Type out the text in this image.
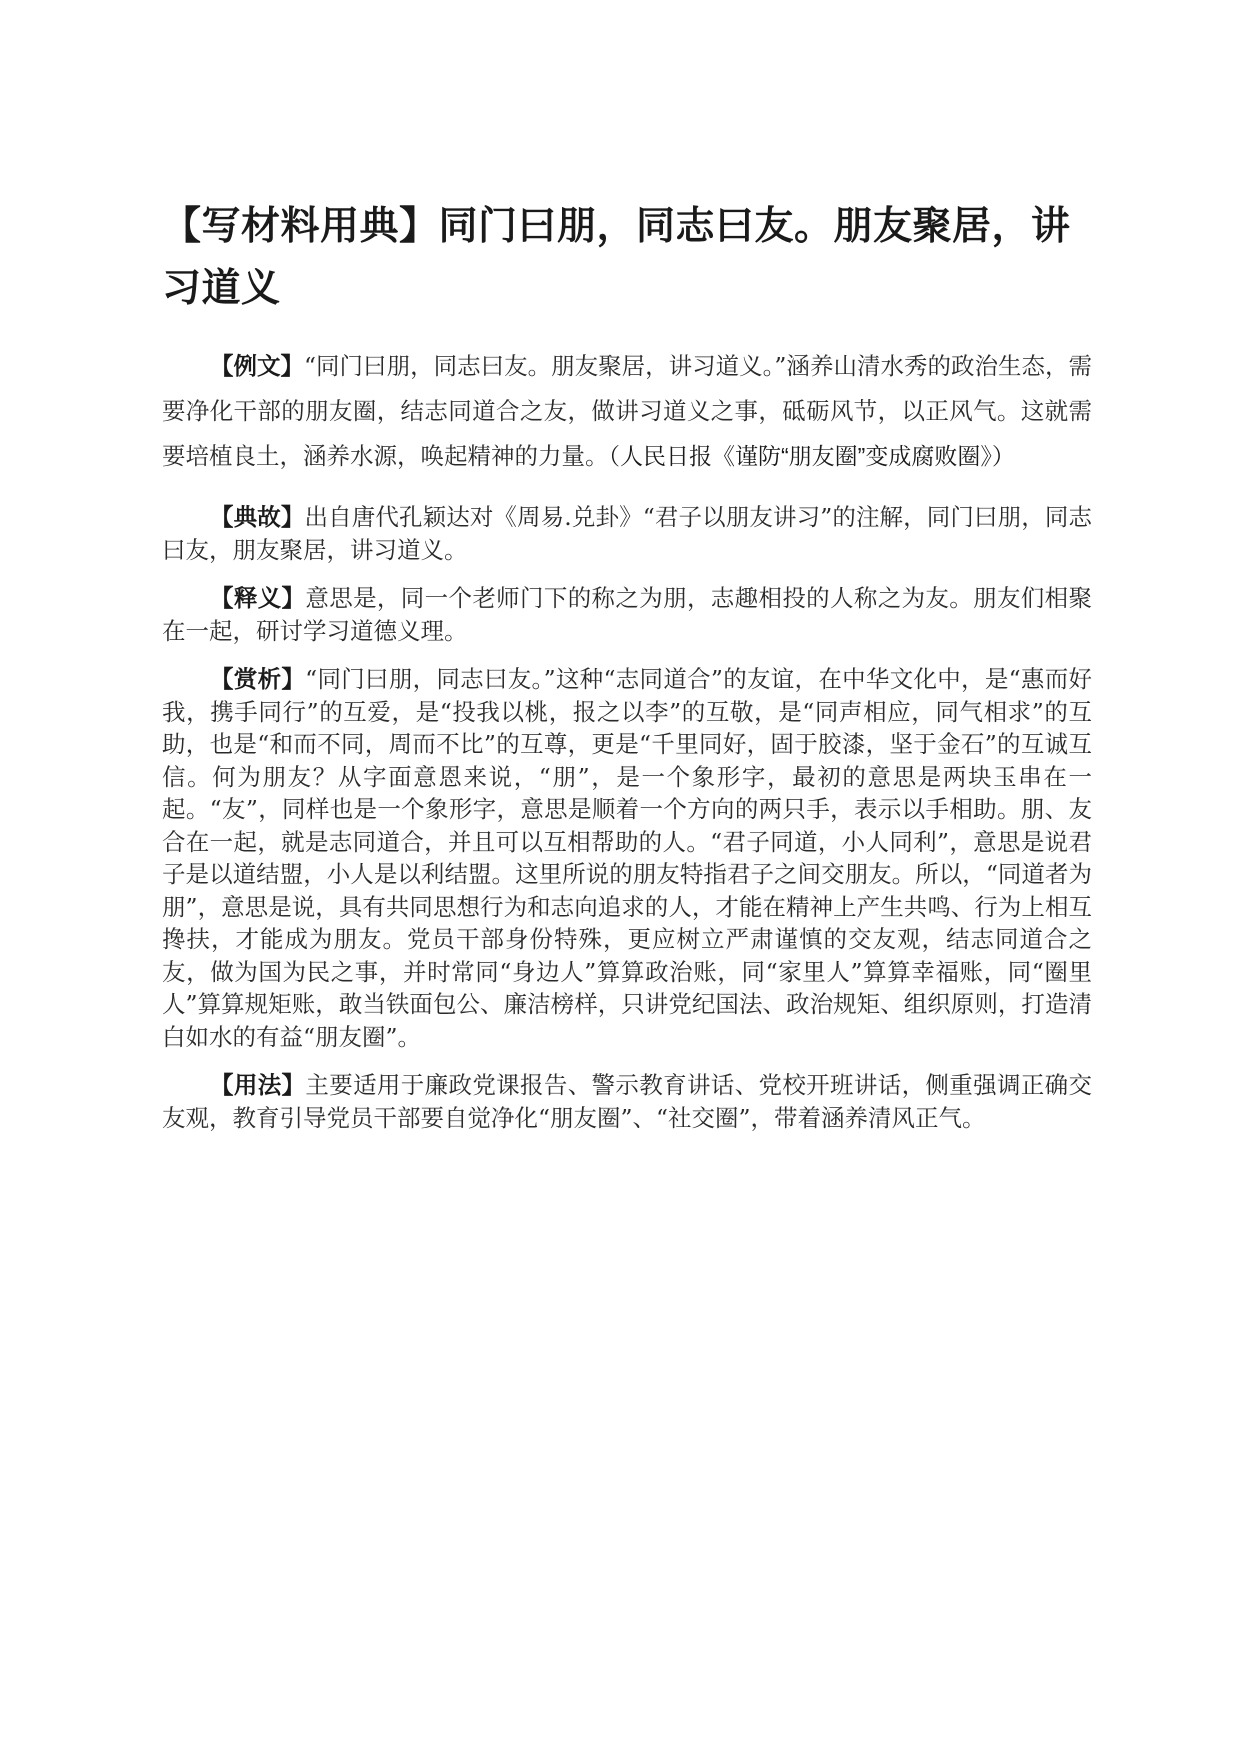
【写材料用典】同门曰朋，同志曰友。朋友聚居，讲习道义

【例文】“同门曰朋，同志曰友。朋友聚居，讲习道义。”涵养山清水秀的政治生态，需要净化干部的朋友圈，结志同道合之友，做讲习道义之事，砥砺风节，以正风气。这就需要培植良土，涵养水源，唤起精神的力量。（人民日报《谨防“朋友圈”变成腐败圈》）

【典故】出自唐代孔颖达对《周易.兑卦》“君子以朋友讲习”的注解，同门曰朋，同志曰友，朋友聚居，讲习道义。

【释义】意思是，同一个老师门下的称之为朋，志趣相投的人称之为友。朋友们相聚在一起，研讨学习道德义理。

【赏析】“同门曰朋，同志曰友。”这种“志同道合”的友谊，在中华文化中，是“惠而好我，携手同行”的互爱，是“投我以桃，报之以李”的互敬，是“同声相应，同气相求”的互助，也是“和而不同，周而不比”的互尊，更是“千里同好，固于胶漆，坚于金石”的互诚互信。何为朋友？从字面意恩来说，“朋”，是一个象形字，最初的意思是两块玉串在一起。“友”，同样也是一个象形字，意思是顺着一个方向的两只手，表示以手相助。朋、友合在一起，就是志同道合，并且可以互相帮助的人。“君子同道，小人同利”，意思是说君子是以道结盟，小人是以利结盟。这里所说的朋友特指君子之间交朋友。所以，“同道者为朋”，意思是说，具有共同思想行为和志向追求的人，才能在精神上产生共鸣、行为上相互搀扶，才能成为朋友。党员干部身份特殊，更应树立严肃谨慎的交友观，结志同道合之友，做为国为民之事，并时常同“身边人”算算政治账，同“家里人”算算幸福账，同“圈里人”算算规矩账，敢当铁面包公、廉洁榜样，只讲党纪国法、政治规矩、组织原则，打造清白如水的有益“朋友圈”。

【用法】主要适用于廉政党课报告、警示教育讲话、党校开班讲话，侧重强调正确交友观，教育引导党员干部要自觉净化“朋友圈”、“社交圈”，带着涵养清风正气。
